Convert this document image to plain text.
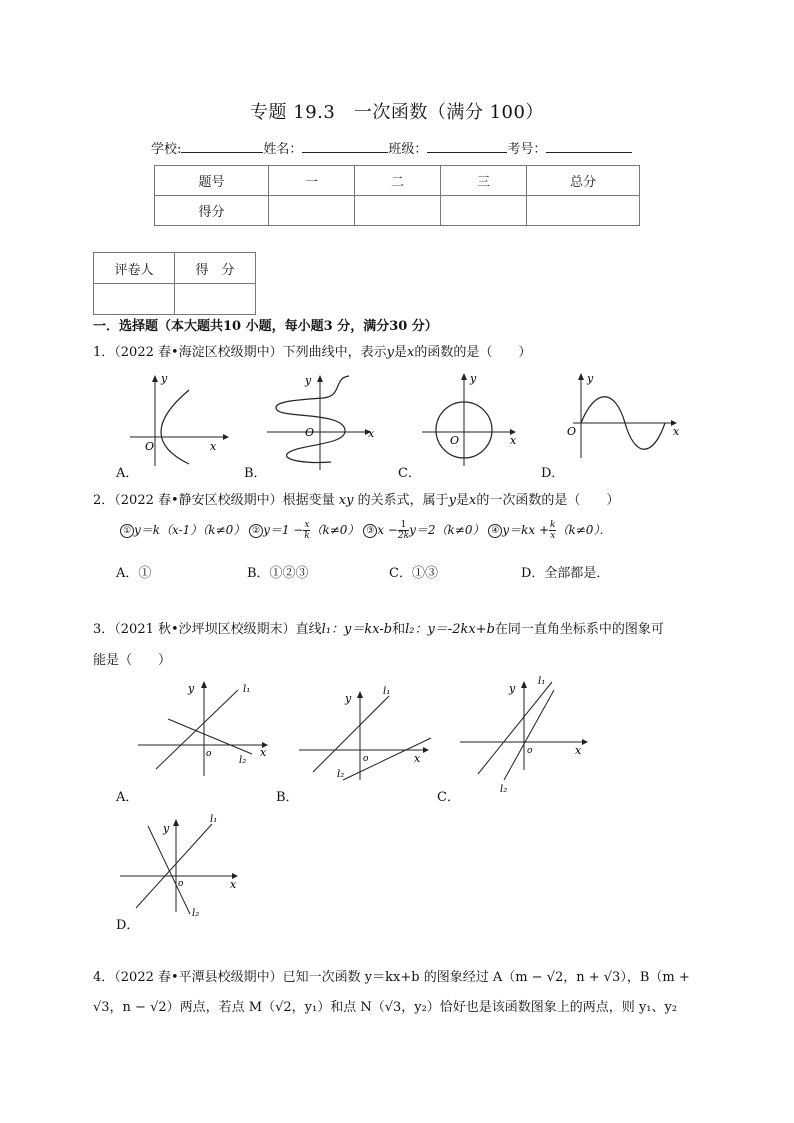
专题 19.3　一次函数（满分 100）
学校:	姓名：	班级：	考号：
题号	一	二	三	总分
得分				
评卷人	得　分

一．选择题（本大题共10 小题，每小题3 分，满分30 分）
1．（2022 春•海淀区校级期中）下列曲线中，表示y是x的函数的是（　　）
y
x
O
A．
y
x
O
B．
y
x
O
C．
y
x
O
D．
2．（2022 春•静安区校级期中）根据变量 xy 的关系式，属于y是x的一次函数的是（　　）
① y＝k（x-1）（k≠0） ② $y=1 - \frac{x}{k} (k\ne 0)$ ③ $x - \frac{1}{2k} y=2(k\ne 0)$ ④ $y=kx + \frac{k}{x} (k\ne 0)$．
A．①	B．①②③	C．①③	D．全部都是．
3．（2021 秋•沙坪坝区校级期末）直线l₁：y＝kx-b和l₂：y＝-2kx+b在同一直角坐标系中的图象可
能是（　　）
y
x
o
l₁
l₂
A．
y
x
o
l₁
l₂
B．
y
x
o
l₁
l₂
C．
y
x
o
l₁
l₂
D．
4．（2022 春•平潭县校级期中）已知一次函数 y＝kx+b 的图象经过 A（m − √2，n + √3），B（m +
√3，n − √2）两点，若点 M（√2，y₁）和点 N（√3，y₂）恰好也是该函数图象上的两点，则 y₁、y₂
